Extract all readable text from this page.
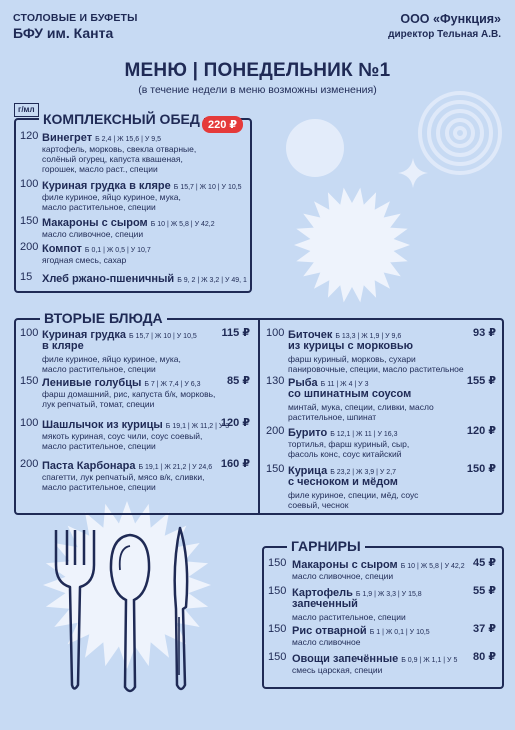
СТОЛОВЫЕ И БУФЕТЫ
БФУ им. Канта
ООО «Функция»
директор Тельная А.В.
МЕНЮ | ПОНЕДЕЛЬНИК №1
(в течение недели в меню возможны изменения)
г/мл
КОМПЛЕКСНЫЙ ОБЕД 220 ₽
120 Винегрет Б 2,4 | Ж 15,6 | У 9,5
картофель, морковь, свекла отварные,
солёный огурец, капуста квашеная,
горошек, масло раст., специи
100 Куриная грудка в кляре Б 15,7 | Ж 10 | У 10,5
филе куриное, яйцо куриное, мука,
масло растительное, специи
150 Макароны с сыром Б 10 | Ж 5,8 | У 42,2
масло сливочное, специи
200 Компот Б 0,1 | Ж 0,5 | У 10,7
ягодная смесь, сахар
15 Хлеб ржано-пшеничный Б 9, 2 | Ж 3,2 | У 49, 1
ВТОРЫЕ БЛЮДА
100 Куриная грудка Б 15,7 | Ж 10 | У 10,5
в кляре
115 ₽
филе куриное, яйцо куриное, мука,
масло растительное, специи
150 Ленивые голубцы Б 7 | Ж 7,4 | У 6,3	85 ₽
фарш домашний, рис, капуста б/к, морковь,
лук репчатый, томат, специи
100 Шашлычок из курицы Б 19,1 | Ж 11,2 | У 3
120 ₽
мякоть куриная, соус чили, соус соевый,
масло растительное, специи
200 Паста Карбонара Б 19,1 | Ж 21,2 | У 24,6 160 ₽
спагетти, лук репчатый, мясо в/к, сливки,
масло растительное, специи
100 Биточек Б 13,3 | Ж 1,9 | У 9,6
из курицы с морковью
93 ₽
фарш куриный, морковь, сухари
панировочные, специи, масло растительное
130 Рыба Б 11 | Ж 4 | У 3
со шпинатным соусом
155 ₽
минтай, мука, специи, сливки, масло
растительное, шпинат
200 Бурито Б 12,1 | Ж 11 | У 16,3	120 ₽
тортилья, фарш куриный, сыр,
фасоль конс, соус китайский
150 Курица Б 23,2 | Ж 3,9 | У 2,7
с чесноком и мёдом
150 ₽
филе куриное, специи, мёд, соус
соевый, чеснок
ГАРНИРЫ
150 Макароны с сыром Б 10 | Ж 5,8 | У 42,2 45 ₽
масло сливочное, специи
150 Картофель Б 1,9 | Ж 3,3 | У 15,8
запеченный
55 ₽
масло растительное, специи
150 Рис отварной Б 1 | Ж 0,1 | У 10,5	37 ₽
масло сливочное
150 Овощи запечённые Б 0,9 | Ж 1,1 | У 5	80 ₽
смесь царская, специи
